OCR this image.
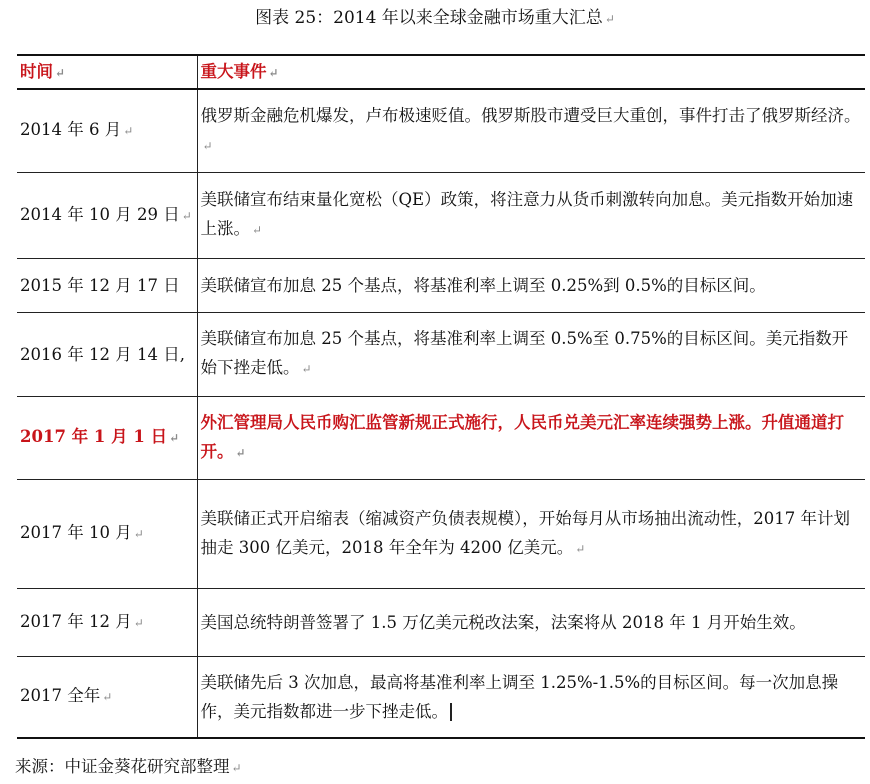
图表 25：2014 年以来全球金融市场重大汇总 ↵
时间 ↵	重大事件 ↵
2014 年 6 月 ↵	俄罗斯金融危机爆发，卢布极速贬值。俄罗斯股市遭受巨大重创，事件打击了俄罗斯经济。↵
2014 年 10 月 29 日 ↵	美联储宣布结束量化宽松（QE）政策，将注意力从货币刺激转向加息。美元指数开始加速上涨。 ↵
2015 年 12 月 17 日	美联储宣布加息 25 个基点，将基准利率上调至 0.25%到 0.5%的目标区间。
2016 年 12 月 14 日,	美联储宣布加息 25 个基点，将基准利率上调至 0.5%至 0.75%的目标区间。美元指数开始下挫走低。 ↵
2017 年 1 月 1 日 ↵	外汇管理局人民币购汇监管新规正式施行，人民币兑美元汇率连续强势上涨。升值通道打开。 ↵
2017 年 10 月 ↵	美联储正式开启缩表（缩减资产负债表规模），开始每月从市场抽出流动性，2017 年计划抽走 300 亿美元，2018 年全年为 4200 亿美元。 ↵
2017 年 12 月 ↵	美国总统特朗普签署了 1.5 万亿美元税改法案，法案将从 2018 年 1 月开始生效。
2017 全年 ↵	美联储先后 3 次加息，最高将基准利率上调至 1.25%-1.5%的目标区间。每一次加息操作，美元指数都进一步下挫走低。
来源：中证金葵花研究部整理 ↵
